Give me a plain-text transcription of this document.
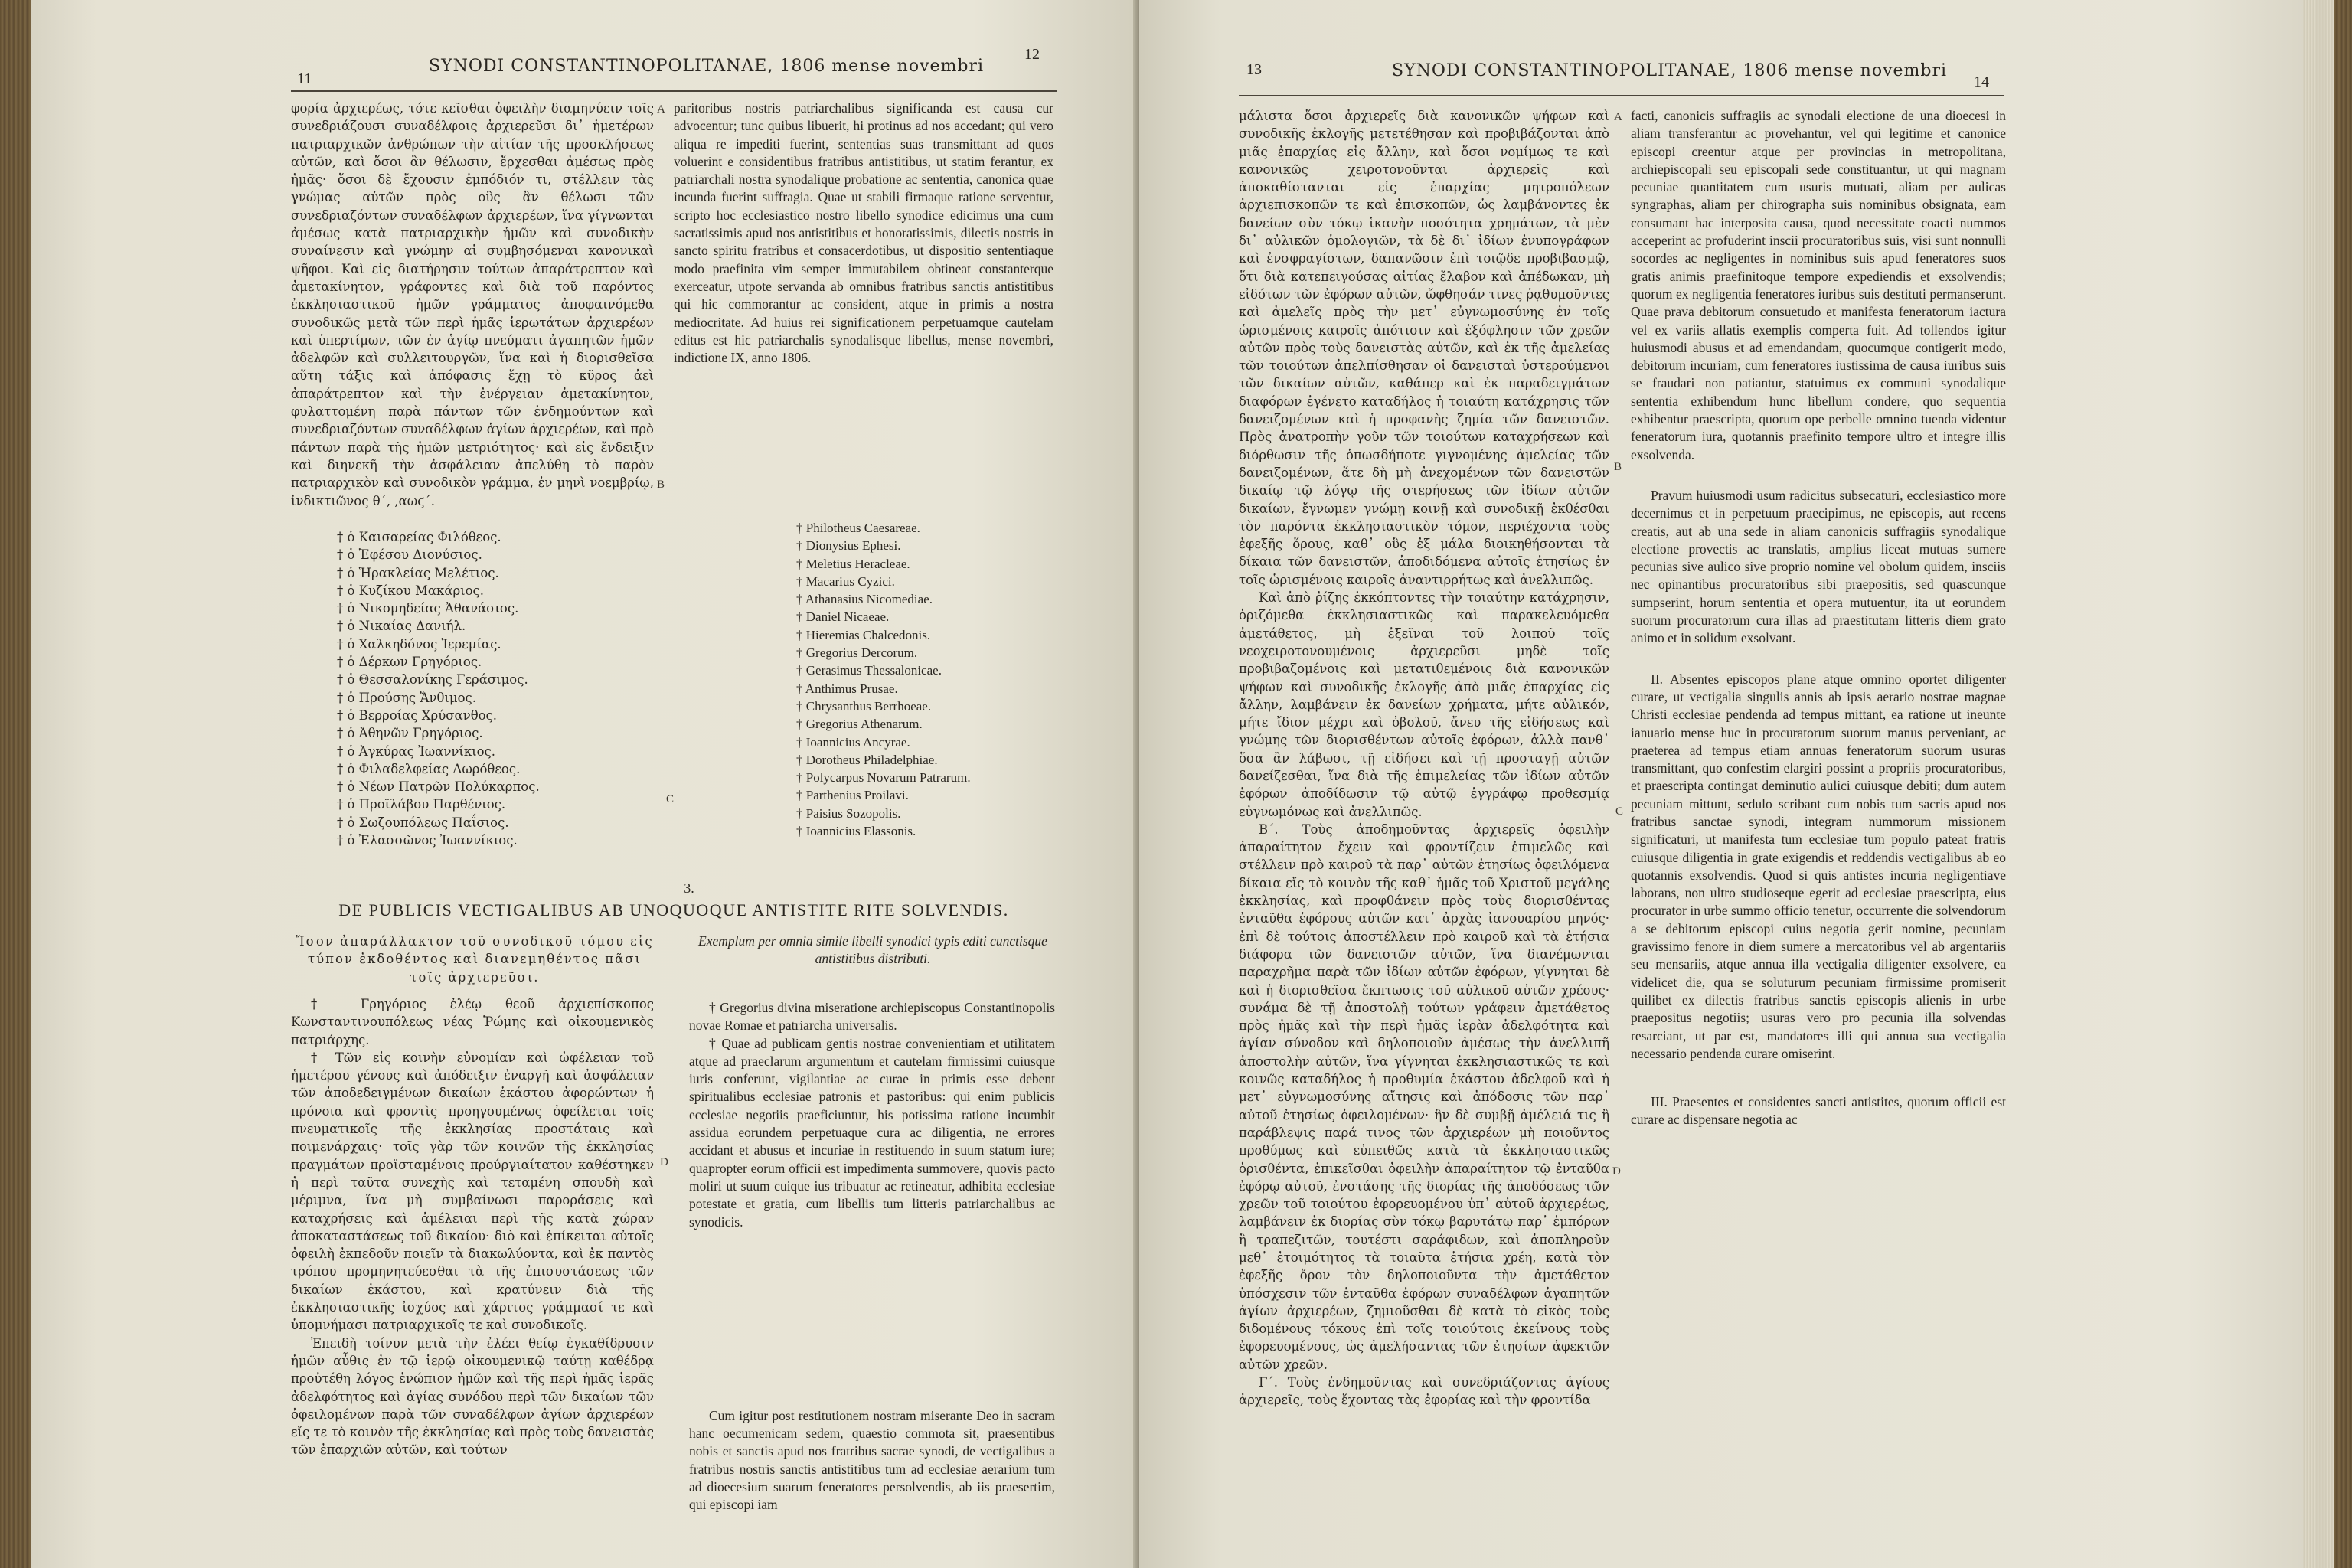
11
12
SYNODI CONSTANTINOPOLITANAE, 1806 mense novembri

φορία ἀρχιερέως, τότε κεῖσθαι ὀφειλὴν διαμηνύειν τοῖς συνεδριάζουσι συναδέλφοις ἀρχιερεῦσι δι᾿ ἡμετέρων πατριαρχικῶν ἀνθρώπων τὴν αἰτίαν τῆς προσκλήσεως αὐτῶν, καὶ ὅσοι ἂν θέλωσιν, ἔρχεσθαι ἀμέσως πρὸς ἡμᾶς· ὅσοι δὲ ἔχουσιν ἐμπόδιόν τι, στέλλειν τὰς γνώμας αὐτῶν πρὸς οὓς ἂν θέλωσι τῶν συνεδριαζόντων συναδέλφων ἀρχιερέων, ἵνα γίγνωνται ἀμέσως κατὰ πατριαρχικὴν ἡμῶν καὶ συνοδικὴν συναίνεσιν καὶ γνώμην αἱ συμβησόμεναι κανονικαὶ ψῆφοι. Καὶ εἰς διατήρησιν τούτων ἀπαράτρεπτον καὶ ἀμετακίνητον, γράφοντες καὶ διὰ τοῦ παρόντος ἐκκλησιαστικοῦ ἡμῶν γράμματος ἀποφαινόμεθα συνοδικῶς μετὰ τῶν περὶ ἡμᾶς ἱερωτάτων ἀρχιερέων καὶ ὑπερτίμων, τῶν ἐν ἁγίῳ πνεύματι ἀγαπητῶν ἡμῶν ἀδελφῶν καὶ συλλειτουργῶν, ἵνα καὶ ἡ διορισθεῖσα αὕτη τάξις καὶ ἀπόφασις ἔχῃ τὸ κῦρος ἀεὶ ἀπαράτρεπτον καὶ τὴν ἐνέργειαν ἀμετακίνητον, φυλαττομένη παρὰ πάντων τῶν ἐνδημούντων καὶ συνεδριαζόντων συναδέλφων ἁγίων ἀρχιερέων, καὶ πρὸ πάντων παρὰ τῆς ἡμῶν μετριότητος· καὶ εἰς ἔνδειξιν καὶ διηνεκῆ τὴν ἀσφάλειαν ἀπελύθη τὸ παρὸν πατριαρχικὸν καὶ συνοδικὸν γράμμα, ἐν μηνὶ νοεμβρίῳ, ἰνδικτιῶνος θ΄, ,αωϛ΄.

paritoribus nostris patriarchalibus significanda est causa cur advocentur; tunc quibus libuerit, hi protinus ad nos accedant; qui vero aliqua re impediti fuerint, sententias suas transmittant ad quos voluerint e considentibus fratribus antistitibus, ut statim ferantur, ex patriarchali nostra synodalique probatione ac sententia, canonica quae incunda fuerint suffragia. Quae ut stabili firmaque ratione serventur, scripto hoc ecclesiastico nostro libello synodice edicimus una cum sacratissimis apud nos antistitibus et honoratissimis, dilectis nostris in sancto spiritu fratribus et consacerdotibus, ut dispositio sententiaque modo praefinita vim semper immutabilem obtineat constanterque exerceatur, utpote servanda ab omnibus fratribus sanctis antistitibus qui hic commorantur ac consident, atque in primis a nostra mediocritate. Ad huius rei significationem perpetuamque cautelam editus est hic patriarchalis synodalisque libellus, mense novembri, indictione IX, anno 1806.

A
B
C
D

† ὁ Καισαρείας Φιλόθεος.

† ὁ Ἐφέσου Διονύσιος.

† ὁ Ἡρακλείας Μελέτιος.

† ὁ Κυζίκου Μακάριος.

† ὁ Νικομηδείας Ἀθανάσιος.

† ὁ Νικαίας Δανιήλ.

† ὁ Χαλκηδόνος Ἱερεμίας.

† ὁ Δέρκων Γρηγόριος.

† ὁ Θεσσαλονίκης Γεράσιμος.

† ὁ Προύσης Ἄνθιμος.

† ὁ Βερροίας Χρύσανθος.

† ὁ Ἀθηνῶν Γρηγόριος.

† ὁ Ἀγκύρας Ἰωαννίκιος.

† ὁ Φιλαδελφείας Δωρόθεος.

† ὁ Νέων Πατρῶν Πολύκαρπος.

† ὁ Προϊλάβου Παρθένιος.

† ὁ Σωζουπόλεως Παΐσιος.

† ὁ Ἐλασσῶνος Ἰωαννίκιος.

† Philotheus Caesareae.

† Dionysius Ephesi.

† Meletius Heracleae.

† Macarius Cyzici.

† Athanasius Nicomediae.

† Daniel Nicaeae.

† Hieremias Chalcedonis.

† Gregorius Dercorum.

† Gerasimus Thessalonicae.

† Anthimus Prusae.

† Chrysanthus Berrhoeae.

† Gregorius Athenarum.

† Ioannicius Ancyrae.

† Dorotheus Philadelphiae.

† Polycarpus Novarum Patrarum.

† Parthenius Proilavi.

† Paisius Sozopolis.

† Ioannicius Elassonis.

3.
DE PUBLICIS VECTIGALIBUS AB UNOQUOQUE ANTISTITE RITE SOLVENDIS.

Ἴσον ἀπαράλλακτον τοῦ συνοδικοῦ τόμου εἰς τύπον ἐκδοθέντος καὶ διανεμηθέντος πᾶσι τοῖς ἀρχιερεῦσι.

Exemplum per omnia simile libelli synodici typis editi cunctisque antistitibus distributi.

† Γρηγόριος ἐλέῳ θεοῦ ἀρχιεπίσκοπος Κωνσταντινουπόλεως νέας Ῥώμης καὶ οἰκουμενικὸς πατριάρχης.

† Τῶν εἰς κοινὴν εὐνομίαν καὶ ὠφέλειαν τοῦ ἡμετέρου γένους καὶ ἀπόδειξιν ἐναργῆ καὶ ἀσφάλειαν τῶν ἀποδεδειγμένων δικαίων ἑκάστου ἀφορώντων ἡ πρόνοια καὶ φροντὶς προηγουμένως ὀφείλεται τοῖς πνευματικοῖς τῆς ἐκκλησίας προστάταις καὶ ποιμενάρχαις· τοῖς γὰρ τῶν κοινῶν τῆς ἐκκλησίας πραγμάτων προϊσταμένοις προύργιαίτατον καθέστηκεν ἡ περὶ ταῦτα συνεχὴς καὶ τεταμένη σπουδὴ καὶ μέριμνα, ἵνα μὴ συμβαίνωσι παροράσεις καὶ καταχρήσεις καὶ ἀμέλειαι περὶ τῆς κατὰ χώραν ἀποκαταστάσεως τοῦ δικαίου· διὸ καὶ ἐπίκειται αὐτοῖς ὀφειλὴ ἐκπεδοῦν ποιεῖν τὰ διακωλύοντα, καὶ ἐκ παντὸς τρόπου προμηνητεύεσθαι τὰ τῆς ἐπισυστάσεως τῶν δικαίων ἑκάστου, καὶ κρατύνειν διὰ τῆς ἐκκλησιαστικῆς ἰσχύος καὶ χάριτος γράμμασί τε καὶ ὑπομνήμασι πατριαρχικοῖς τε καὶ συνοδικοῖς.

Ἐπειδὴ τοίνυν μετὰ τὴν ἐλέει θείῳ ἐγκαθίδρυσιν ἡμῶν αὖθις ἐν τῷ ἱερῷ οἰκουμενικῷ ταύτῃ καθέδρᾳ προὐτέθη λόγος ἐνώπιον ἡμῶν καὶ τῆς περὶ ἡμᾶς ἱερᾶς ἀδελφότητος καὶ ἁγίας συνόδου περὶ τῶν δικαίων τῶν ὀφειλομένων παρὰ τῶν συναδέλφων ἁγίων ἀρχιερέων εἴς τε τὸ κοινὸν τῆς ἐκκλησίας καὶ πρὸς τοὺς δανειστὰς τῶν ἐπαρχιῶν αὐτῶν, καὶ τούτων

† Gregorius divina miseratione archiepiscopus Constantinopolis novae Romae et patriarcha universalis.

† Quae ad publicam gentis nostrae convenientiam et utilitatem atque ad praeclarum argumentum et cautelam firmissimi cuiusque iuris conferunt, vigilantiae ac curae in primis esse debent spiritualibus ecclesiae patronis et pastoribus: qui enim publicis ecclesiae negotiis praeficiuntur, his potissima ratione incumbit assidua eorundem perpetuaque cura ac diligentia, ne errores accidant et abusus et incuriae in restituendo in suum statum iure; quapropter eorum officii est impedimenta summovere, quovis pacto moliri ut suum cuique ius tribuatur ac retineatur, adhibita ecclesiae potestate et gratia, cum libellis tum litteris patriarchalibus ac synodicis.

Cum igitur post restitutionem nostram miserante Deo in sacram hanc oecumenicam sedem, quaestio commota sit, praesentibus nobis et sanctis apud nos fratribus sacrae synodi, de vectigalibus a fratribus nostris sanctis antistitibus tum ad ecclesiae aerarium tum ad dioecesium suarum feneratores persolvendis, ab iis praesertim, qui episcopi iam

13
14
SYNODI CONSTANTINOPOLITANAE, 1806 mense novembri

μάλιστα ὅσοι ἀρχιερεῖς διὰ κανονικῶν ψήφων καὶ συνοδικῆς ἐκλογῆς μετετέθησαν καὶ προβιβάζονται ἀπὸ μιᾶς ἐπαρχίας εἰς ἄλλην, καὶ ὅσοι νομίμως τε καὶ κανονικῶς χειροτονοῦνται ἀρχιερεῖς καὶ ἀποκαθίστανται εἰς ἐπαρχίας μητροπόλεων ἀρχιεπισκοπῶν τε καὶ ἐπισκοπῶν, ὡς λαμβάνοντες ἐκ δανείων σὺν τόκῳ ἱκανὴν ποσότητα χρημάτων, τὰ μὲν δι᾿ αὐλικῶν ὁμολογιῶν, τὰ δὲ δι᾿ ἰδίων ἐνυπογράφων καὶ ἐνσφραγίστων, δαπανῶσιν ἐπὶ τοιῷδε προβιβασμῷ, ὅτι διὰ κατεπειγούσας αἰτίας ἔλαβον καὶ ἀπέδωκαν, μὴ εἰδότων τῶν ἐφόρων αὐτῶν, ὥφθησάν τινες ῥᾳθυμοῦντες καὶ ἀμελεῖς πρὸς τὴν μετ᾿ εὐγνωμοσύνης ἐν τοῖς ὡρισμένοις καιροῖς ἀπότισιν καὶ ἐξόφλησιν τῶν χρεῶν αὐτῶν πρὸς τοὺς δανειστὰς αὐτῶν, καὶ ἐκ τῆς ἀμελείας τῶν τοιούτων ἀπελπίσθησαν οἱ δανεισταὶ ὑστερούμενοι τῶν δικαίων αὐτῶν, καθάπερ καὶ ἐκ παραδειγμάτων διαφόρων ἐγένετο καταδήλος ἡ τοιαύτη κατάχρησις τῶν δανειζομένων καὶ ἡ προφανὴς ζημία τῶν δανειστῶν. Πρὸς ἀνατροπὴν γοῦν τῶν τοιούτων καταχρήσεων καὶ διόρθωσιν τῆς ὁπωσδήποτε γιγνομένης ἀμελείας τῶν δανειζομένων, ἅτε δὴ μὴ ἀνεχομένων τῶν δανειστῶν δικαίῳ τῷ λόγῳ τῆς στερήσεως τῶν ἰδίων αὐτῶν δικαίων, ἔγνωμεν γνώμῃ κοινῇ καὶ συνοδικῇ ἐκθέσθαι τὸν παρόντα ἐκκλησιαστικὸν τόμον, περιέχοντα τοὺς ἐφεξῆς ὅρους, καθ᾿ οὓς ἐξ μάλα διοικηθήσονται τὰ δίκαια τῶν δανειστῶν, ἀποδιδόμενα αὐτοῖς ἐτησίως ἐν τοῖς ὡρισμένοις καιροῖς ἀναντιρρήτως καὶ ἀνελλιπῶς.

Καὶ ἀπὸ ῥίζης ἐκκόπτοντες τὴν τοιαύτην κατάχρησιν, ὁριζόμεθα ἐκκλησιαστικῶς καὶ παρακελευόμεθα ἀμετάθετος, μὴ ἐξεῖναι τοῦ λοιποῦ τοῖς νεοχειροτονουμένοις ἀρχιερεῦσι μηδὲ τοῖς προβιβαζομένοις καὶ μετατιθεμένοις διὰ κανονικῶν ψήφων καὶ συνοδικῆς ἐκλογῆς ἀπὸ μιᾶς ἐπαρχίας εἰς ἄλλην, λαμβάνειν ἐκ δανείων χρήματα, μήτε αὐλικόν, μήτε ἴδιον μέχρι καὶ ὀβολοῦ, ἄνευ τῆς εἰδήσεως καὶ γνώμης τῶν διορισθέντων αὐτοῖς ἐφόρων, ἀλλὰ πανθ᾿ ὅσα ἂν λάβωσι, τῇ εἰδήσει καὶ τῇ προσταγῇ αὐτῶν δανείζεσθαι, ἵνα διὰ τῆς ἐπιμελείας τῶν ἰδίων αὐτῶν ἐφόρων ἀποδίδωσιν τῷ αὐτῷ ἐγγράφῳ προθεσμίᾳ εὐγνωμόνως καὶ ἀνελλιπῶς.

Β΄. Τοὺς ἀποδημοῦντας ἀρχιερεῖς ὀφειλὴν ἀπαραίτητον ἔχειν καὶ φροντίζειν ἐπιμελῶς καὶ στέλλειν πρὸ καιροῦ τὰ παρ᾿ αὐτῶν ἐτησίως ὀφειλόμενα δίκαια εἴς τὸ κοινὸν τῆς καθ᾿ ἡμᾶς τοῦ Χριστοῦ μεγάλης ἐκκλησίας, καὶ προφθάνειν πρὸς τοὺς διορισθέντας ἐνταῦθα ἐφόρους αὐτῶν κατ᾿ ἀρχὰς ἰανουαρίου μηνός· ἐπὶ δὲ τούτοις ἀποστέλλειν πρὸ καιροῦ καὶ τὰ ἐτήσια διάφορα τῶν δανειστῶν αὐτῶν, ἵνα διανέμωνται παραχρῆμα παρὰ τῶν ἰδίων αὐτῶν ἐφόρων, γίγνηται δὲ καὶ ἡ διορισθεῖσα ἔκπτωσις τοῦ αὐλικοῦ αὐτῶν χρέους· συνάμα δὲ τῇ ἀποστολῇ τούτων γράφειν ἀμετάθετος πρὸς ἡμᾶς καὶ τὴν περὶ ἡμᾶς ἱερὰν ἀδελφότητα καὶ ἁγίαν σύνοδον καὶ δηλοποιοῦν ἀμέσως τὴν ἀνελλιπῆ ἀποστολὴν αὐτῶν, ἵνα γίγνηται ἐκκλησιαστικῶς τε καὶ κοινῶς καταδήλος ἡ προθυμία ἑκάστου ἀδελφοῦ καὶ ἡ μετ᾿ εὐγνωμοσύνης αἴτησις καὶ ἀπόδοσις τῶν παρ᾿ αὐτοῦ ἐτησίως ὀφειλομένων· ἢν δὲ συμβῇ ἀμέλειά τις ἢ παράβλεψις παρά τινος τῶν ἀρχιερέων μὴ ποιοῦντος προθύμως καὶ εὐπειθῶς κατὰ τὰ ἐκκλησιαστικῶς ὁρισθέντα, ἐπικεῖσθαι ὀφειλὴν ἀπαραίτητον τῷ ἐνταῦθα ἐφόρῳ αὐτοῦ, ἐνστάσης τῆς διορίας τῆς ἀποδόσεως τῶν χρεῶν τοῦ τοιούτου ἐφορευομένου ὑπ᾿ αὐτοῦ ἀρχιερέως, λαμβάνειν ἐκ διορίας σὺν τόκῳ βαρυτάτῳ παρ᾿ ἐμπόρων ἢ τραπεζιτῶν, τουτέστι σαράφιδων, καὶ ἀποπληροῦν μεθ᾿ ἑτοιμότητος τὰ τοιαῦτα ἐτήσια χρέη, κατὰ τὸν ἐφεξῆς ὅρον τὸν δηλοποιοῦντα τὴν ἀμετάθετον ὑπόσχεσιν τῶν ἐνταῦθα ἐφόρων συναδέλφων ἀγαπητῶν ἁγίων ἀρχιερέων, ζημιοῦσθαι δὲ κατὰ τὸ εἰκὸς τοὺς διδομένους τόκους ἐπὶ τοῖς τοιούτοις ἐκείνους τοὺς ἐφορευομένους, ὡς ἀμελήσαντας τῶν ἐτησίων ἀφεκτῶν αὐτῶν χρεῶν.

Γ΄. Τοὺς ἐνδημοῦντας καὶ συνεδριάζοντας ἁγίους ἀρχιερεῖς, τοὺς ἔχοντας τὰς ἐφορίας καὶ τὴν φροντίδα

A
B
C
D

facti, canonicis suffragiis ac synodali electione de una dioecesi in aliam transferantur ac provehantur, vel qui legitime et canonice episcopi creentur atque per provincias in metropolitana, archiepiscopali seu episcopali sede constituantur, ut qui magnam pecuniae quantitatem cum usuris mutuati, aliam per aulicas syngraphas, aliam per chirographa suis nominibus obsignata, eam consumant hac interposita causa, quod necessitate coacti nummos acceperint ac profuderint inscii procuratoribus suis, visi sunt nonnulli socordes ac negligentes in nominibus suis apud feneratores suos gratis animis praefinitoque tempore expediendis et exsolvendis; quorum ex negligentia feneratores iuribus suis destituti permanserunt. Quae prava debitorum consuetudo et manifesta feneratorum iactura vel ex variis allatis exemplis comperta fuit. Ad tollendos igitur huiusmodi abusus et ad emendandam, quocumque contigerit modo, debitorum incuriam, cum feneratores iustissima de causa iuribus suis se fraudari non patiantur, statuimus ex communi synodalique sententia exhibendum hunc libellum condere, quo sequentia exhibentur praescripta, quorum ope perbelle omnino tuenda videntur feneratorum iura, quotannis praefinito tempore ultro et integre illis exsolvenda.

Pravum huiusmodi usum radicitus subsecaturi, ecclesiastico more decernimus et in perpetuum praecipimus, ne episcopis, aut recens creatis, aut ab una sede in aliam canonicis suffragiis synodalique electione provectis ac translatis, amplius liceat mutuas sumere pecunias sive aulico sive proprio nomine vel obolum quidem, insciis nec opinantibus procuratoribus sibi praepositis, sed quascunque sumpserint, horum sententia et opera mutuentur, ita ut eorundem suorum procuratorum cura illas ad praestitutam litteris diem grato animo et in solidum exsolvant.

II. Absentes episcopos plane atque omnino oportet diligenter curare, ut vectigalia singulis annis ab ipsis aerario nostrae magnae Christi ecclesiae pendenda ad tempus mittant, ea ratione ut ineunte ianuario mense huc in procuratorum suorum manus perveniant, ac praeterea ad tempus etiam annuas feneratorum suorum usuras transmittant, quo confestim elargiri possint a propriis procuratoribus, et praescripta contingat deminutio aulici cuiusque debiti; dum autem pecuniam mittunt, sedulo scribant cum nobis tum sacris apud nos fratribus sanctae synodi, integram nummorum missionem significaturi, ut manifesta tum ecclesiae tum populo pateat fratris cuiusque diligentia in grate exigendis et reddendis vectigalibus ab eo quotannis exsolvendis. Quod si quis antistes incuria negligentiave laborans, non ultro studioseque egerit ad ecclesiae praescripta, eius procurator in urbe summo officio tenetur, occurrente die solvendorum a se debitorum episcopi cuius negotia gerit nomine, pecuniam gravissimo fenore in diem sumere a mercatoribus vel ab argentariis seu mensariis, atque annua illa vectigalia diligenter exsolvere, ea videlicet die, qua se soluturum pecuniam firmissime promiserit quilibet ex dilectis fratribus sanctis episcopis alienis in urbe praepositus negotiis; usuras vero pro pecunia illa solvendas resarciant, ut par est, mandatores illi qui annua sua vectigalia necessario pendenda curare omiserint.

III. Praesentes et considentes sancti antistites, quorum officii est curare ac dispensare negotia ac
